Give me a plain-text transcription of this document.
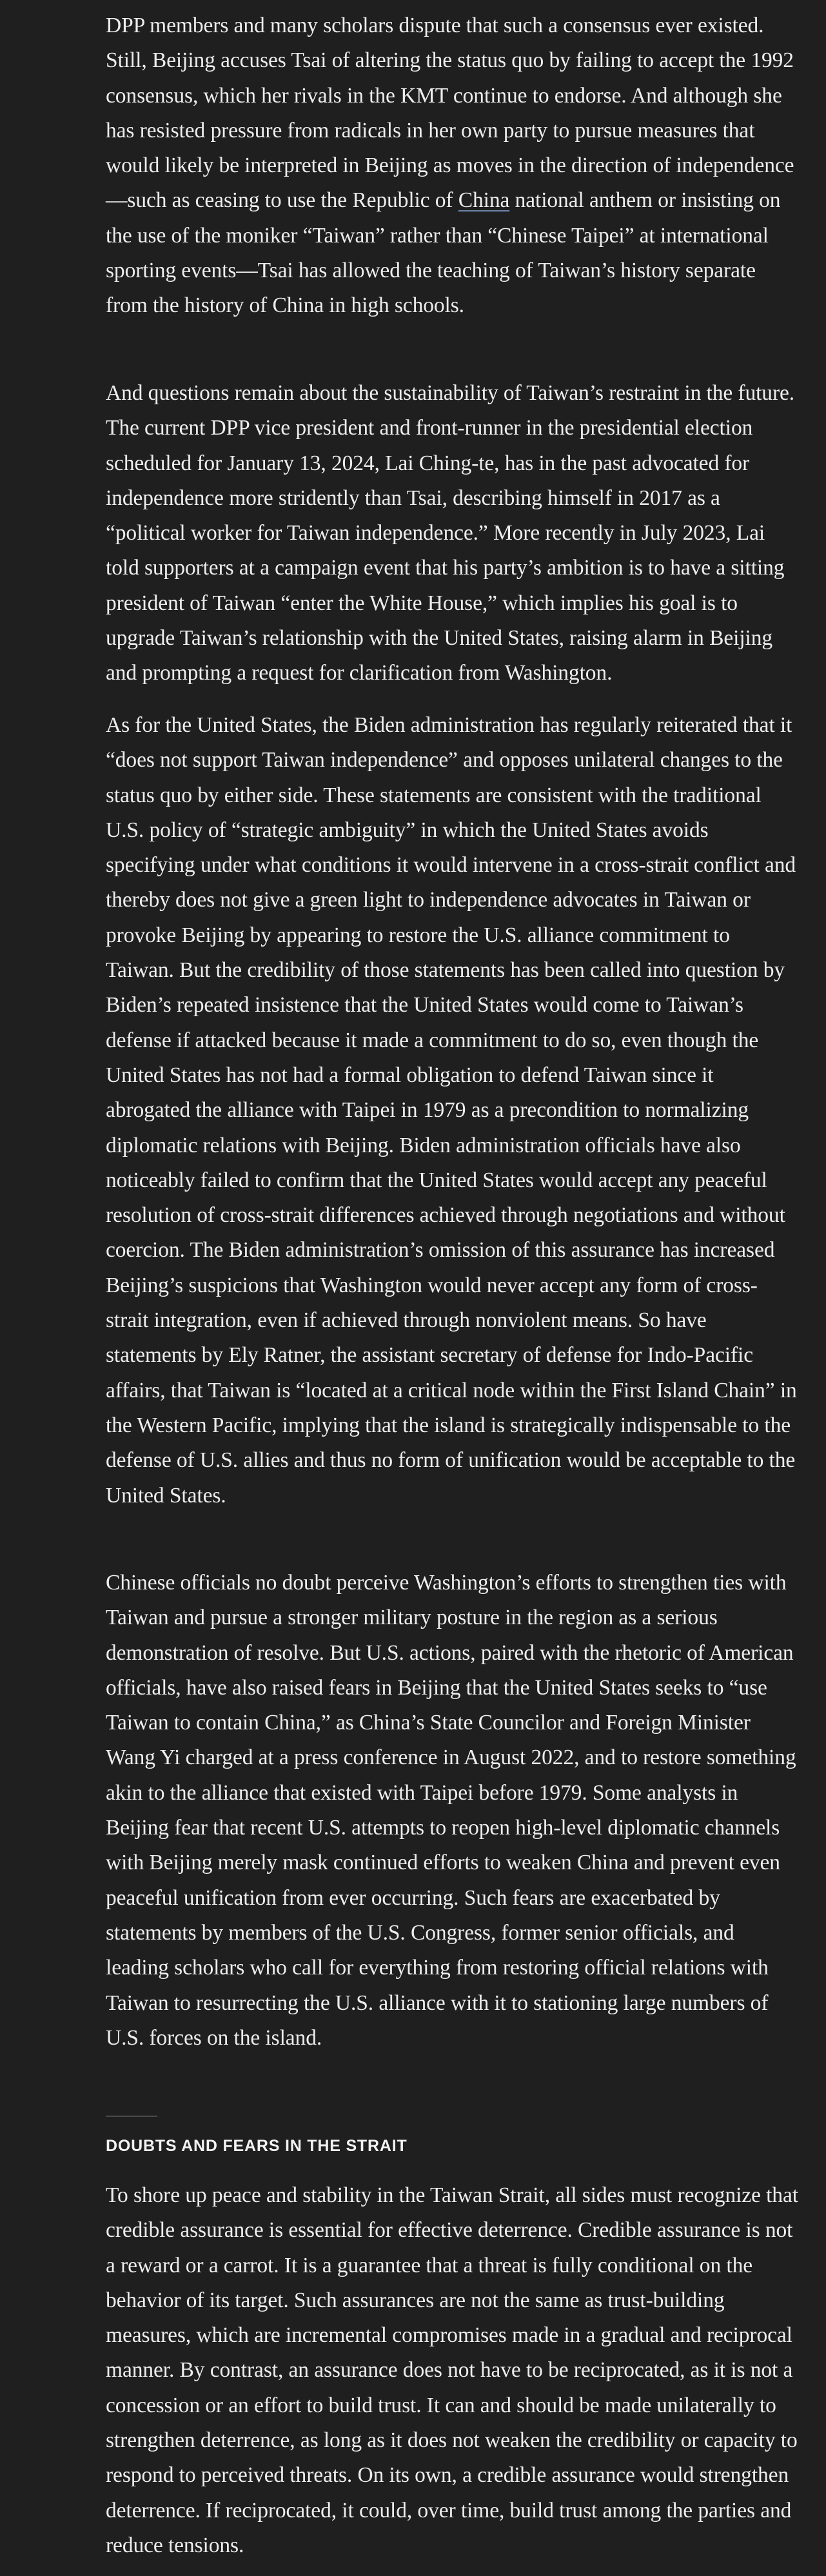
DPP members and many scholars dispute that such a consensus ever existed. Still, Beijing accuses Tsai of altering the status quo by failing to accept the 1992 consensus, which her rivals in the KMT continue to endorse. And although she has resisted pressure from radicals in her own party to pursue measures that would likely be interpreted in Beijing as moves in the direction of independence—such as ceasing to use the Republic of China national anthem or insisting on the use of the moniker “Taiwan” rather than “Chinese Taipei” at international sporting events—Tsai has allowed the teaching of Taiwan’s history separate from the history of China in high schools.

And questions remain about the sustainability of Taiwan’s restraint in the future. The current DPP vice president and front-runner in the presidential election scheduled for January 13, 2024, Lai Ching-te, has in the past advocated for independence more stridently than Tsai, describing himself in 2017 as a “political worker for Taiwan independence.” More recently in July 2023, Lai told supporters at a campaign event that his party’s ambition is to have a sitting president of Taiwan “enter the White House,” which implies his goal is to upgrade Taiwan’s relationship with the United States, raising alarm in Beijing and prompting a request for clarification from Washington.

As for the United States, the Biden administration has regularly reiterated that it “does not support Taiwan independence” and opposes unilateral changes to the status quo by either side. These statements are consistent with the traditional U.S. policy of “strategic ambiguity” in which the United States avoids specifying under what conditions it would intervene in a cross-strait conflict and thereby does not give a green light to independence advocates in Taiwan or provoke Beijing by appearing to restore the U.S. alliance commitment to Taiwan. But the credibility of those statements has been called into question by Biden’s repeated insistence that the United States would come to Taiwan’s defense if attacked because it made a commitment to do so, even though the United States has not had a formal obligation to defend Taiwan since it abrogated the alliance with Taipei in 1979 as a precondition to normalizing diplomatic relations with Beijing. Biden administration officials have also noticeably failed to confirm that the United States would accept any peaceful resolution of cross-strait differences achieved through negotiations and without coercion. The Biden administration’s omission of this assurance has increased Beijing’s suspicions that Washington would never accept any form of cross-strait integration, even if achieved through nonviolent means. So have statements by Ely Ratner, the assistant secretary of defense for Indo-Pacific affairs, that Taiwan is “located at a critical node within the First Island Chain” in the Western Pacific, implying that the island is strategically indispensable to the defense of U.S. allies and thus no form of unification would be acceptable to the United States.

Chinese officials no doubt perceive Washington’s efforts to strengthen ties with Taiwan and pursue a stronger military posture in the region as a serious demonstration of resolve. But U.S. actions, paired with the rhetoric of American officials, have also raised fears in Beijing that the United States seeks to “use Taiwan to contain China,” as China’s State Councilor and Foreign Minister Wang Yi charged at a press conference in August 2022, and to restore something akin to the alliance that existed with Taipei before 1979. Some analysts in Beijing fear that recent U.S. attempts to reopen high-level diplomatic channels with Beijing merely mask continued efforts to weaken China and prevent even peaceful unification from ever occurring. Such fears are exacerbated by statements by members of the U.S. Congress, former senior officials, and leading scholars who call for everything from restoring official relations with Taiwan to resurrecting the U.S. alliance with it to stationing large numbers of U.S. forces on the island.

DOUBTS AND FEARS IN THE STRAIT

To shore up peace and stability in the Taiwan Strait, all sides must recognize that credible assurance is essential for effective deterrence. Credible assurance is not a reward or a carrot. It is a guarantee that a threat is fully conditional on the behavior of its target. Such assurances are not the same as trust-building measures, which are incremental compromises made in a gradual and reciprocal manner. By contrast, an assurance does not have to be reciprocated, as it is not a concession or an effort to build trust. It can and should be made unilaterally to strengthen deterrence, as long as it does not weaken the credibility or capacity to respond to perceived threats. On its own, a credible assurance would strengthen deterrence. If reciprocated, it could, over time, build trust among the parties and reduce tensions.
